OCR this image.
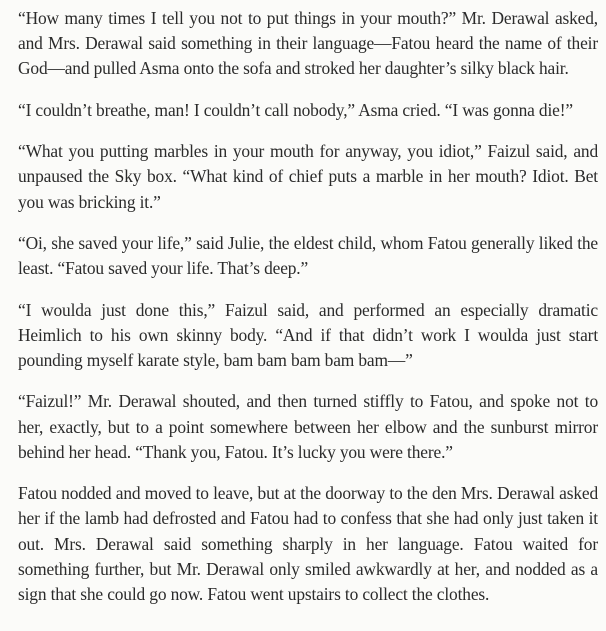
“How many times I tell you not to put things in your mouth?” Mr. Derawal asked, and Mrs. Derawal said something in their language—Fatou heard the name of their God—and pulled Asma onto the sofa and stroked her daughter’s silky black hair.

“I couldn’t breathe, man! I couldn’t call nobody,” Asma cried. “I was gonna die!”

“What you putting marbles in your mouth for anyway, you idiot,” Faizul said, and unpaused the Sky box. “What kind of chief puts a marble in her mouth? Idiot. Bet you was bricking it.”

“Oi, she saved your life,” said Julie, the eldest child, whom Fatou generally liked the least. “Fatou saved your life. That’s deep.”

“I woulda just done this,” Faizul said, and performed an especially dramatic Heimlich to his own skinny body. “And if that didn’t work I woulda just start pounding myself karate style, bam bam bam bam bam—”

“Faizul!” Mr. Derawal shouted, and then turned stiffly to Fatou, and spoke not to her, exactly, but to a point somewhere between her elbow and the sunburst mirror behind her head. “Thank you, Fatou. It’s lucky you were there.”

Fatou nodded and moved to leave, but at the doorway to the den Mrs. Derawal asked her if the lamb had defrosted and Fatou had to confess that she had only just taken it out. Mrs. Derawal said something sharply in her language. Fatou waited for something further, but Mr. Derawal only smiled awkwardly at her, and nodded as a sign that she could go now. Fatou went upstairs to collect the clothes.
